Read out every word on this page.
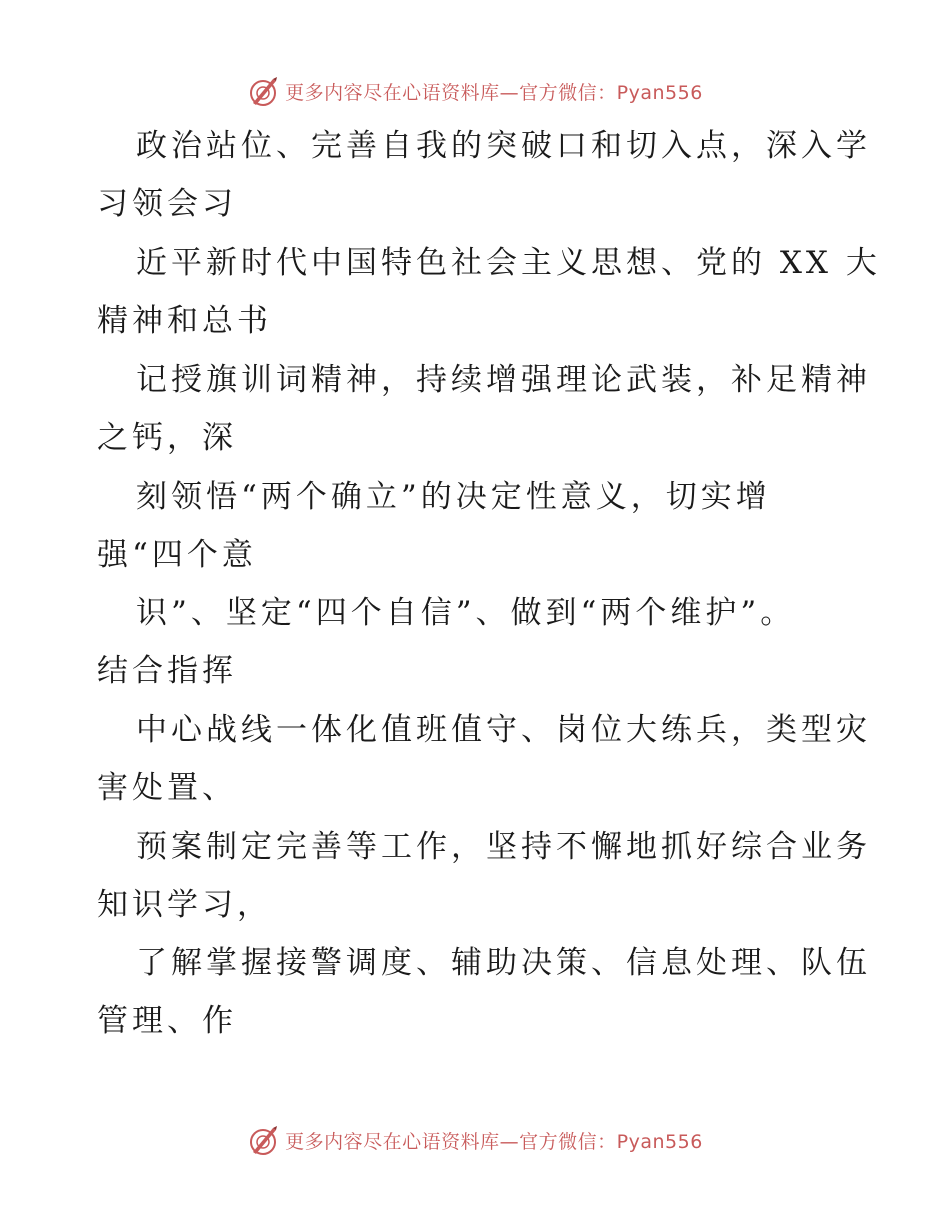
更多内容尽在心语资料库—官方微信：Pyan556
政治站位、完善自我的突破口和切入点，深入学
习领会习
近平新时代中国特色社会主义思想、党的 XX 大
精神和总书
记授旗训词精神，持续增强理论武装，补足精神
之钙，深
刻领悟“两个确立”的决定性意义，切实增
强“四个意
识”、坚定“四个自信”、做到“两个维护”。
结合指挥
中心战线一体化值班值守、岗位大练兵，类型灾
害处置、
预案制定完善等工作，坚持不懈地抓好综合业务
知识学习，
了解掌握接警调度、辅助决策、信息处理、队伍
管理、作
更多内容尽在心语资料库—官方微信：Pyan556
